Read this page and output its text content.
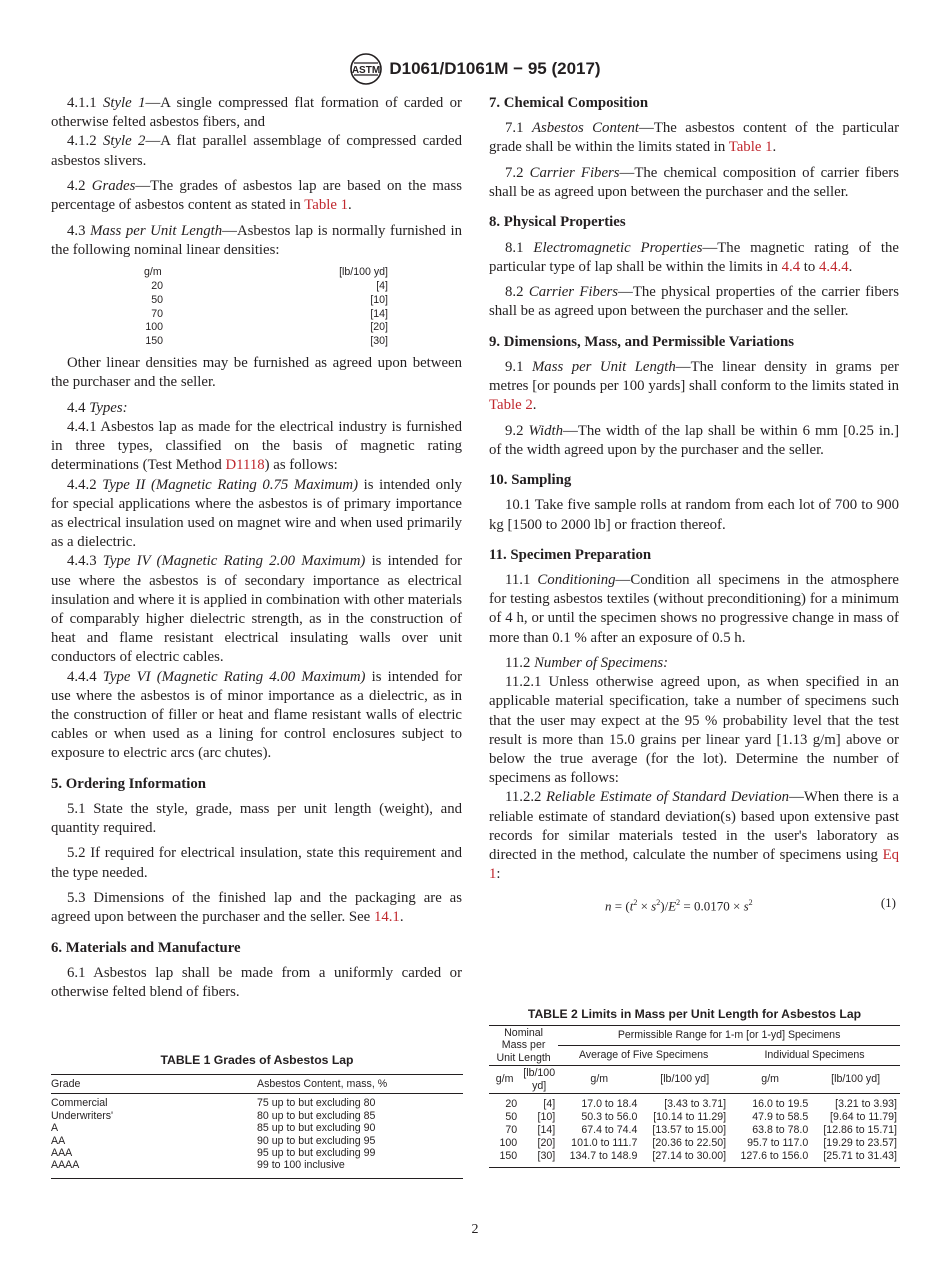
ASTM D1061/D1061M − 95 (2017)

4.1.1 Style 1—A single compressed flat formation of carded or otherwise felted asbestos fibers, and

4.1.2 Style 2—A flat parallel assemblage of compressed carded asbestos slivers.

4.2 Grades—The grades of asbestos lap are based on the mass percentage of asbestos content as stated in Table 1.

4.3 Mass per Unit Length—Asbestos lap is normally furnished in the following nominal linear densities:

g/m	[lb/100 yd]
20	[4]
50	[10]
70	[14]
100	[20]
150	[30]

Other linear densities may be furnished as agreed upon between the purchaser and the seller.

4.4 Types:

4.4.1 Asbestos lap as made for the electrical industry is furnished in three types, classified on the basis of magnetic rating determinations (Test Method D1118) as follows:

4.4.2 Type II (Magnetic Rating 0.75 Maximum) is intended only for special applications where the asbestos is of primary importance as electrical insulation used on magnet wire and when used primarily as a dielectric.

4.4.3 Type IV (Magnetic Rating 2.00 Maximum) is intended for use where the asbestos is of secondary importance as electrical insulation and where it is applied in combination with other materials of comparably higher dielectric strength, as in the construction of heat and flame resistant electrical insulating walls over unit conductors of electric cables.

4.4.4 Type VI (Magnetic Rating 4.00 Maximum) is intended for use where the asbestos is of minor importance as a dielectric, as in the construction of filler or heat and flame resistant walls of electric cables or when used as a lining for control enclosures subject to exposure to electric arcs (arc chutes).

5. Ordering Information

5.1 State the style, grade, mass per unit length (weight), and quantity required.

5.2 If required for electrical insulation, state this requirement and the type needed.

5.3 Dimensions of the finished lap and the packaging are as agreed upon between the purchaser and the seller. See 14.1.

6. Materials and Manufacture

6.1 Asbestos lap shall be made from a uniformly carded or otherwise felted blend of fibers.

TABLE 1 Grades of Asbestos Lap
Grade	Asbestos Content, mass, %
Commercial	75 up to but excluding 80
Underwriters'	80 up to but excluding 85
A	85 up to but excluding 90
AA	90 up to but excluding 95
AAA	95 up to but excluding 99
AAAA	99 to 100 inclusive

7. Chemical Composition

7.1 Asbestos Content—The asbestos content of the particular grade shall be within the limits stated in Table 1.

7.2 Carrier Fibers—The chemical composition of carrier fibers shall be as agreed upon between the purchaser and the seller.

8. Physical Properties

8.1 Electromagnetic Properties—The magnetic rating of the particular type of lap shall be within the limits in 4.4 to 4.4.4.

8.2 Carrier Fibers—The physical properties of the carrier fibers shall be as agreed upon between the purchaser and the seller.

9. Dimensions, Mass, and Permissible Variations

9.1 Mass per Unit Length—The linear density in grams per metres [or pounds per 100 yards] shall conform to the limits stated in Table 2.

9.2 Width—The width of the lap shall be within 6 mm [0.25 in.] of the width agreed upon by the purchaser and the seller.

10. Sampling

10.1 Take five sample rolls at random from each lot of 700 to 900 kg [1500 to 2000 lb] or fraction thereof.

11. Specimen Preparation

11.1 Conditioning—Condition all specimens in the atmosphere for testing asbestos textiles (without preconditioning) for a minimum of 4 h, or until the specimen shows no progressive change in mass of more than 0.1 % after an exposure of 0.5 h.

11.2 Number of Specimens:

11.2.1 Unless otherwise agreed upon, as when specified in an applicable material specification, take a number of specimens such that the user may expect at the 95 % probability level that the test result is more than 15.0 grains per linear yard [1.13 g/m] above or below the true average (for the lot). Determine the number of specimens as follows:

11.2.2 Reliable Estimate of Standard Deviation—When there is a reliable estimate of standard deviation(s) based upon extensive past records for similar materials tested in the user's laboratory as directed in the method, calculate the number of specimens using Eq 1:

$n = (t^2 \times s^2)/E^2 = 0.0170 \times s^2$	(1)
TABLE 2 Limits in Mass per Unit Length for Asbestos Lap
Nominal Mass per Unit Length		Permissible Range for 1-m [or 1-yd] Specimens			
		Average of Five Specimens		Individual Specimens	
g/m	[lb/100 yd]	g/m	[lb/100 yd]	g/m	[lb/100 yd]
20	[4]	17.0 to 18.4	[3.43 to 3.71]	16.0 to 19.5	[3.21 to 3.93]
50	[10]	50.3 to 56.0	[10.14 to 11.29]	47.9 to 58.5	[9.64 to 11.79]
70	[14]	67.4 to 74.4	[13.57 to 15.00]	63.8 to 78.0	[12.86 to 15.71]
100	[20]	101.0 to 111.7	[20.36 to 22.50]	95.7 to 117.0	[19.29 to 23.57]
150	[30]	134.7 to 148.9	[27.14 to 30.00]	127.6 to 156.0	[25.71 to 31.43]
2
